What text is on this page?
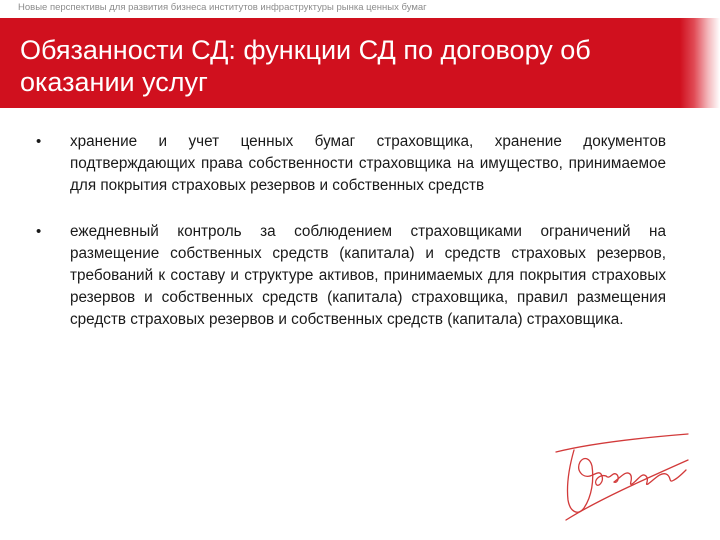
Новые перспективы для развития бизнеса институтов инфраструктуры рынка ценных бумаг
Обязанности СД: функции СД по договору об оказании услуг
• хранение и учет ценных бумаг страховщика, хранение документов подтверждающих права собственности страховщика на имущество, принимаемое для покрытия страховых резервов и собственных средств
• ежедневный контроль за соблюдением страховщиками ограничений на размещение собственных средств (капитала) и средств страховых резервов, требований к составу и структуре активов, принимаемых для покрытия страховых резервов и собственных средств (капитала) страховщика, правил размещения средств страховых резервов и собственных средств (капитала) страховщика.
